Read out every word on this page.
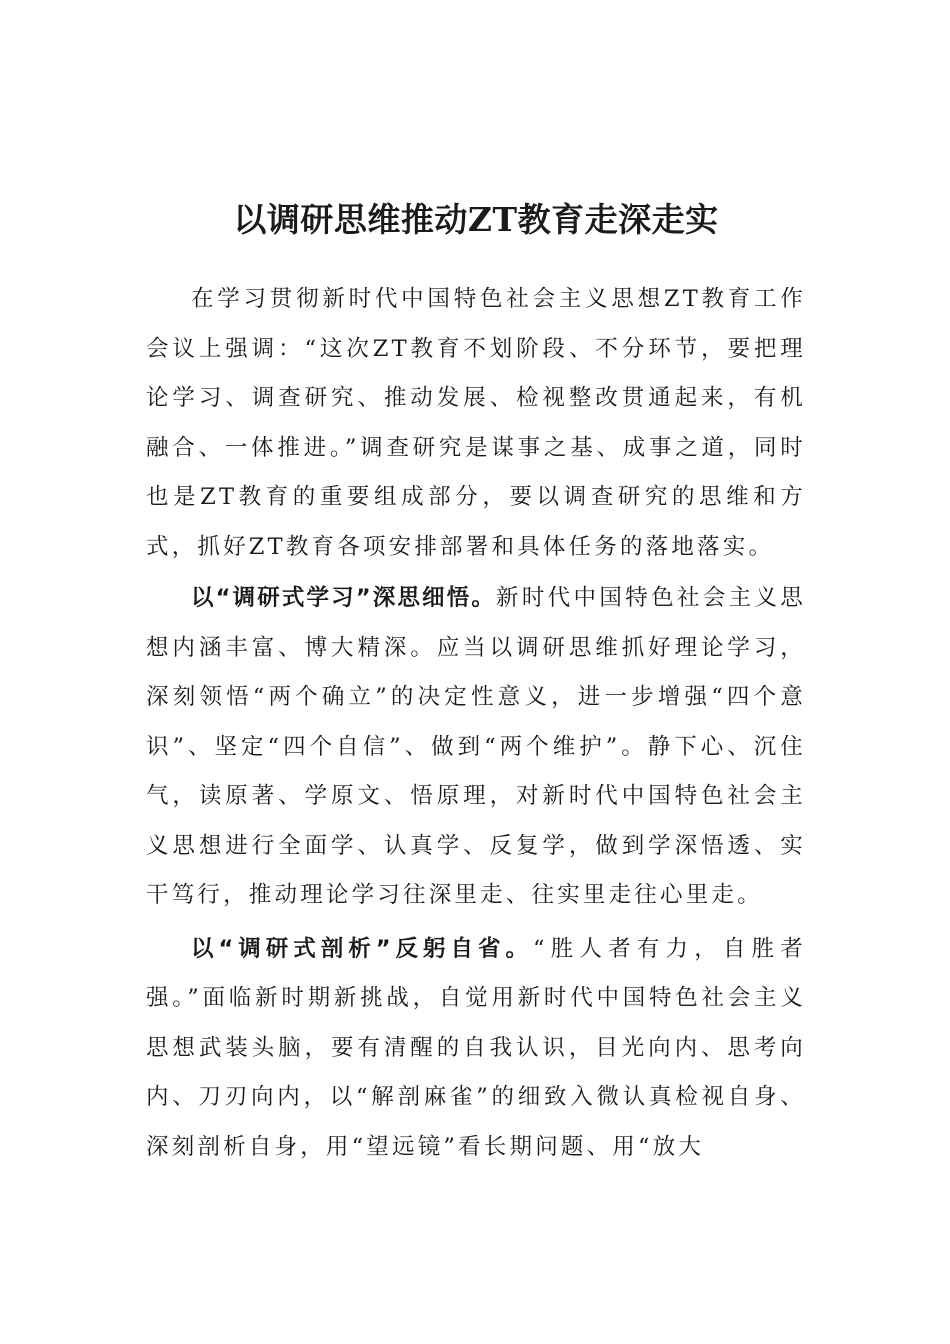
以调研思维推动ZT教育走深走实

在学习贯彻新时代中国特色社会主义思想ZT教育工作会议上强调：“这次ZT教育不划阶段、不分环节，要把理论学习、调查研究、推动发展、检视整改贯通起来，有机融合、一体推进。”调查研究是谋事之基、成事之道，同时也是ZT教育的重要组成部分，要以调查研究的思维和方式，抓好ZT教育各项安排部署和具体任务的落地落实。

以“调研式学习”深思细悟。新时代中国特色社会主义思想内涵丰富、博大精深。应当以调研思维抓好理论学习，深刻领悟“两个确立”的决定性意义，进一步增强“四个意识”、坚定“四个自信”、做到“两个维护”。静下心、沉住气，读原著、学原文、悟原理，对新时代中国特色社会主义思想进行全面学、认真学、反复学，做到学深悟透、实干笃行，推动理论学习往深里走、往实里走往心里走。

以“调研式剖析”反躬自省。“胜人者有力，自胜者强。”面临新时期新挑战，自觉用新时代中国特色社会主义思想武装头脑，要有清醒的自我认识，目光向内、思考向内、刀刃向内，以“解剖麻雀”的细致入微认真检视自身、深刻剖析自身，用“望远镜”看长期问题、用“放大
